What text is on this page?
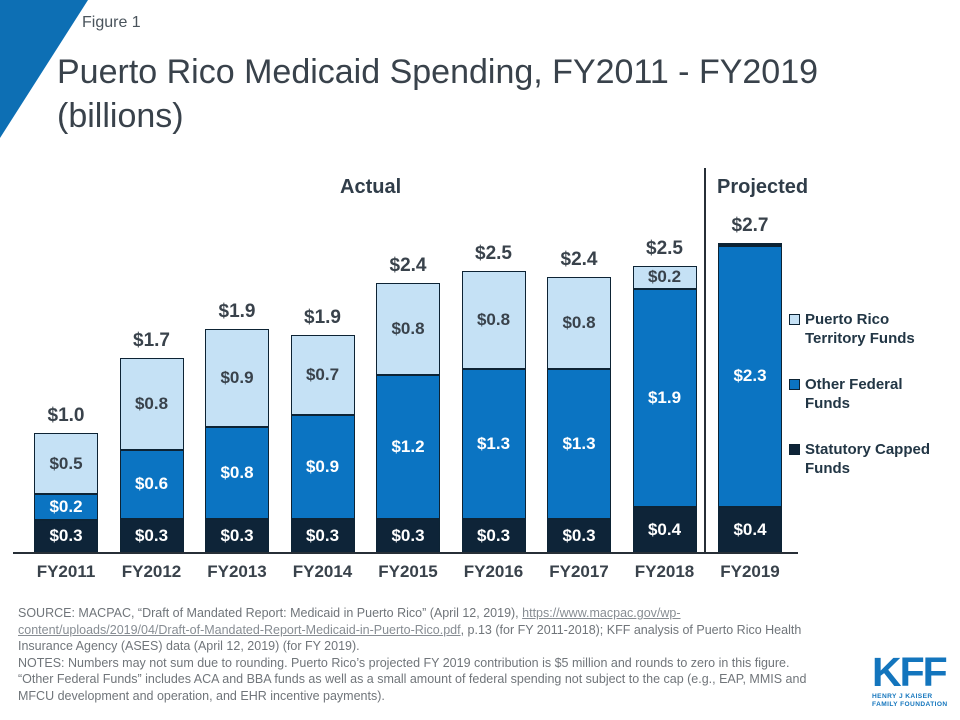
Figure 1
Puerto Rico Medicaid Spending, FY2011 - FY2019
(billions)
Actual	Projected
$0.3
$0.2
$0.5
$1.0
FY2011
$0.3
$0.6
$0.8
$1.7
FY2012
$0.3
$0.8
$0.9
$1.9
FY2013
$0.3
$0.9
$0.7
$1.9
FY2014
$0.3
$1.2
$0.8
$2.4
FY2015
$0.3
$1.3
$0.8
$2.5
FY2016
$0.3
$1.3
$0.8
$2.4
FY2017
$0.4
$1.9
$0.2
$2.5
FY2018
$0.4
$2.3
$2.7
FY2019
Puerto Rico
Territory Funds
Other Federal
Funds
Statutory Capped
Funds
SOURCE: MACPAC, “Draft of Mandated Report: Medicaid in Puerto Rico” (April 12, 2019), https://www.macpac.gov/wp-
content/uploads/2019/04/Draft-of-Mandated-Report-Medicaid-in-Puerto-Rico.pdf, p.13 (for FY 2011-2018); KFF analysis of Puerto Rico Health
Insurance Agency (ASES) data (April 12, 2019) (for FY 2019).
NOTES: Numbers may not sum due to rounding. Puerto Rico’s projected FY 2019 contribution is $5 million and rounds to zero in this figure.
“Other Federal Funds” includes ACA and BBA funds as well as a small amount of federal spending not subject to the cap (e.g., EAP, MMIS and
MFCU development and operation, and EHR incentive payments).
KFF
HENRY J KAISER
FAMILY FOUNDATION
